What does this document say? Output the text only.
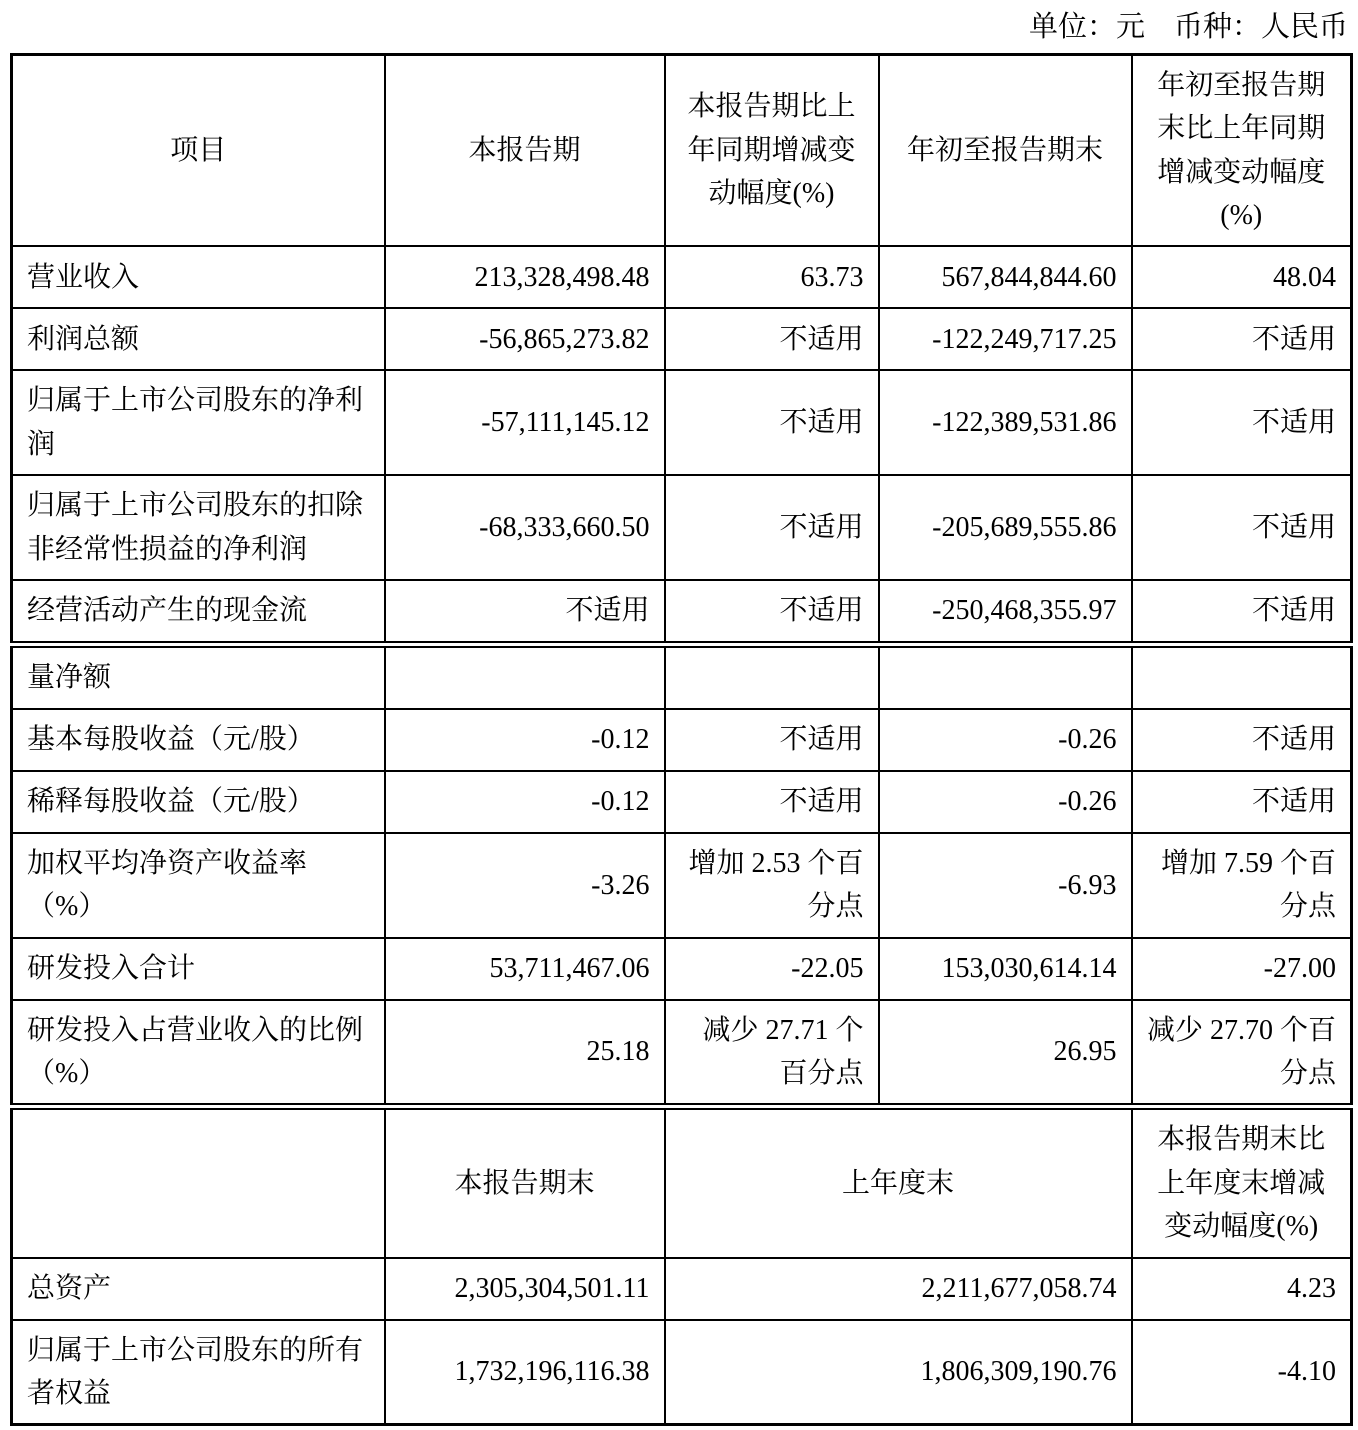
单位：元　币种：人民币
项目	本报告期	本报告期比上年同期增减变动幅度(%)	年初至报告期末	年初至报告期末比上年同期增减变动幅度(%)
营业收入	213,328,498.48	63.73	567,844,844.60	48.04
利润总额	-56,865,273.82	不适用	-122,249,717.25	不适用
归属于上市公司股东的净利润	-57,111,145.12	不适用	-122,389,531.86	不适用
归属于上市公司股东的扣除非经常性损益的净利润	-68,333,660.50	不适用	-205,689,555.86	不适用
经营活动产生的现金流	不适用	不适用	-250,468,355.97	不适用
量净额				
基本每股收益（元/股）	-0.12	不适用	-0.26	不适用
稀释每股收益（元/股）	-0.12	不适用	-0.26	不适用
加权平均净资产收益率（%）	-3.26	增加 2.53 个百分点	-6.93	增加 7.59 个百分点
研发投入合计	53,711,467.06	-22.05	153,030,614.14	-27.00
研发投入占营业收入的比例（%）	25.18	减少 27.71 个百分点	26.95	减少 27.70 个百分点
	本报告期末	上年度末		本报告期末比上年度末增减变动幅度(%)
总资产	2,305,304,501.11	2,211,677,058.74		4.23
归属于上市公司股东的所有者权益	1,732,196,116.38	1,806,309,190.76		-4.10
